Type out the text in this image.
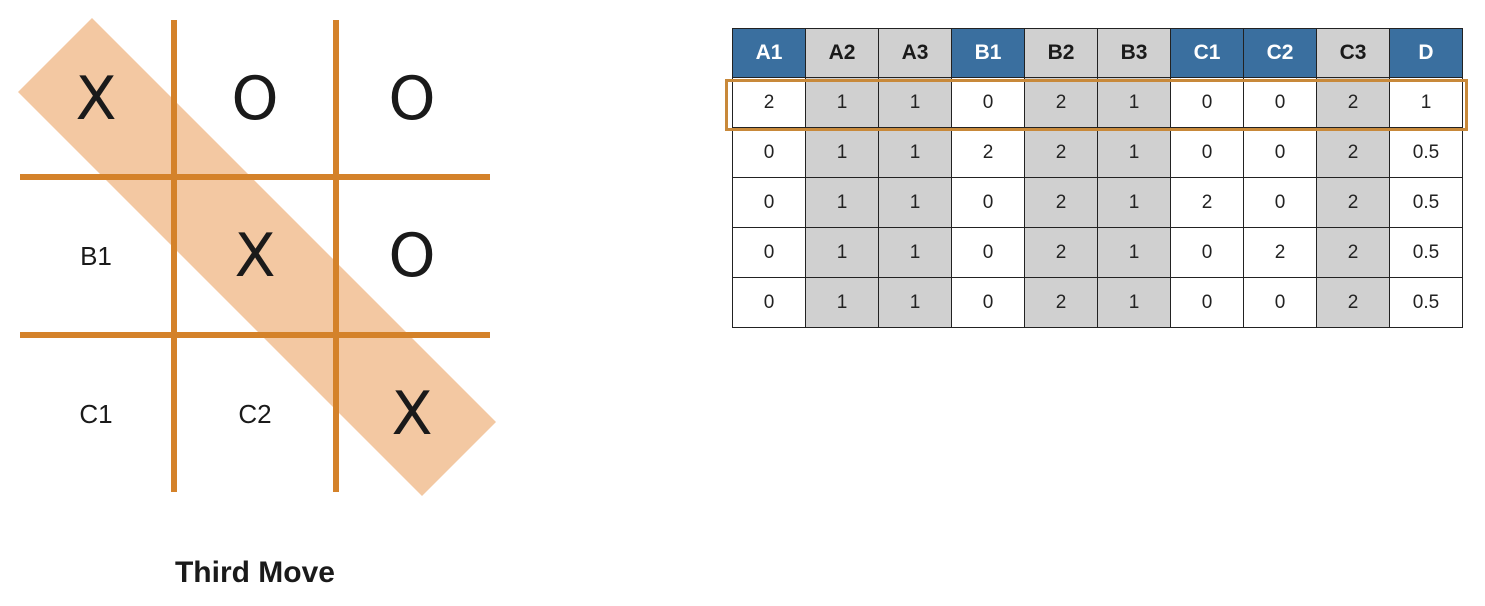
X	O	O
B1	X	O
C1	C2	X
Third Move
A1	A2	A3	B1	B2	B3	C1	C2	C3	D
2	1	1	0	2	1	0	0	2	1
0	1	1	2	2	1	0	0	2	0.5
0	1	1	0	2	1	2	0	2	0.5
0	1	1	0	2	1	0	2	2	0.5
0	1	1	0	2	1	0	0	2	0.5
